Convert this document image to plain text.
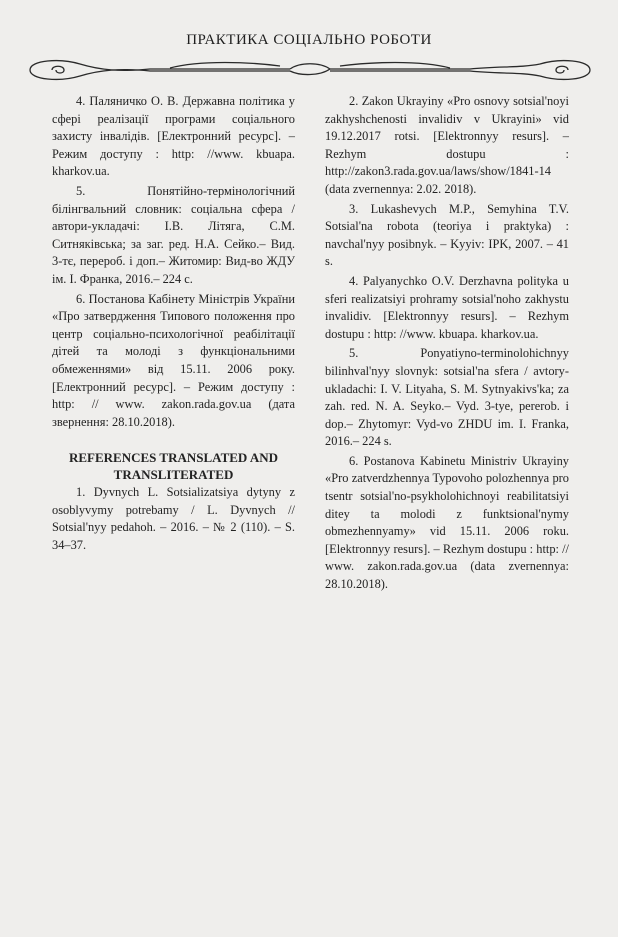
ПРАКТИКА СОЦІАЛЬНО РОБОТИ

4. Паляничко О. В. Державна політика у сфері реалізації програми соціального захисту інвалідів. [Електронний ресурс]. – Режим доступу : http: //www. kbuapa. kharkov.ua.

5. Понятійно-термінологічний білінгвальний словник: соціальна сфера / автори-укладачі: І.В. Літяга, С.М. Ситняківська; за заг. ред. Н.А. Сейко.– Вид. 3-тє, перероб. і доп.– Житомир: Вид-во ЖДУ ім. І. Франка, 2016.– 224 с.

6. Постанова Кабінету Міністрів України «Про затвердження Типового положення про центр соціально-психологічної реабілітації дітей та молоді з функціональними обмеженнями» від 15.11. 2006 року. [Електронний ресурс]. – Режим доступу : http: // www. zakon.rada.gov.ua (дата звернення: 28.10.2018).

REFERENCES TRANSLATED AND TRANSLITERATED

1. Dyvnych L. Sotsializatsiya dytyny z osoblyvymy potrebamy / L. Dyvnych // Sotsial'nyy pedahoh. – 2016. – № 2 (110). – S. 34–37.

2. Zakon Ukrayiny «Pro osnovy sotsial'noyi zakhyshchenosti invalidiv v Ukrayini» vid 19.12.2017 rotsi. [Elektronnyy resurs]. – Rezhym dostupu : http://zakon3.rada.gov.ua/laws/show/1841-14 (data zvernennya: 2.02. 2018).

3. Lukashevych M.P., Semyhina T.V. Sotsial'na robota (teoriya i praktyka) : navchal'nyy posibnyk. – Kyyiv: IPK, 2007. – 41 s.

4. Palyanychko O.V. Derzhavna polityka u sferi realizatsiyi prohramy sotsial'noho zakhystu invalidiv. [Elektronnyy resurs]. – Rezhym dostupu : http: //www. kbuapa. kharkov.ua.

5. Ponyatiyno-terminolohichnyy bilinhval'nyy slovnyk: sotsial'na sfera / avtory-ukladachi: I. V. Lityaha, S. M. Sytnyakivs'ka; za zah. red. N. A. Seyko.– Vyd. 3-tye, pererob. i dop.– Zhytomyr: Vyd-vo ZHDU im. I. Franka, 2016.– 224 s.

6. Postanova Kabinetu Ministriv Ukrayiny «Pro zatverdzhennya Typovoho polozhennya pro tsentr sotsial'no-psykholohichnoyi reabilitatsiyi ditey ta molodi z funktsional'nymy obmezhennyamy» vid 15.11. 2006 roku. [Elektronnyy resurs]. – Rezhym dostupu : http: // www. zakon.rada.gov.ua (data zvernennya: 28.10.2018).
